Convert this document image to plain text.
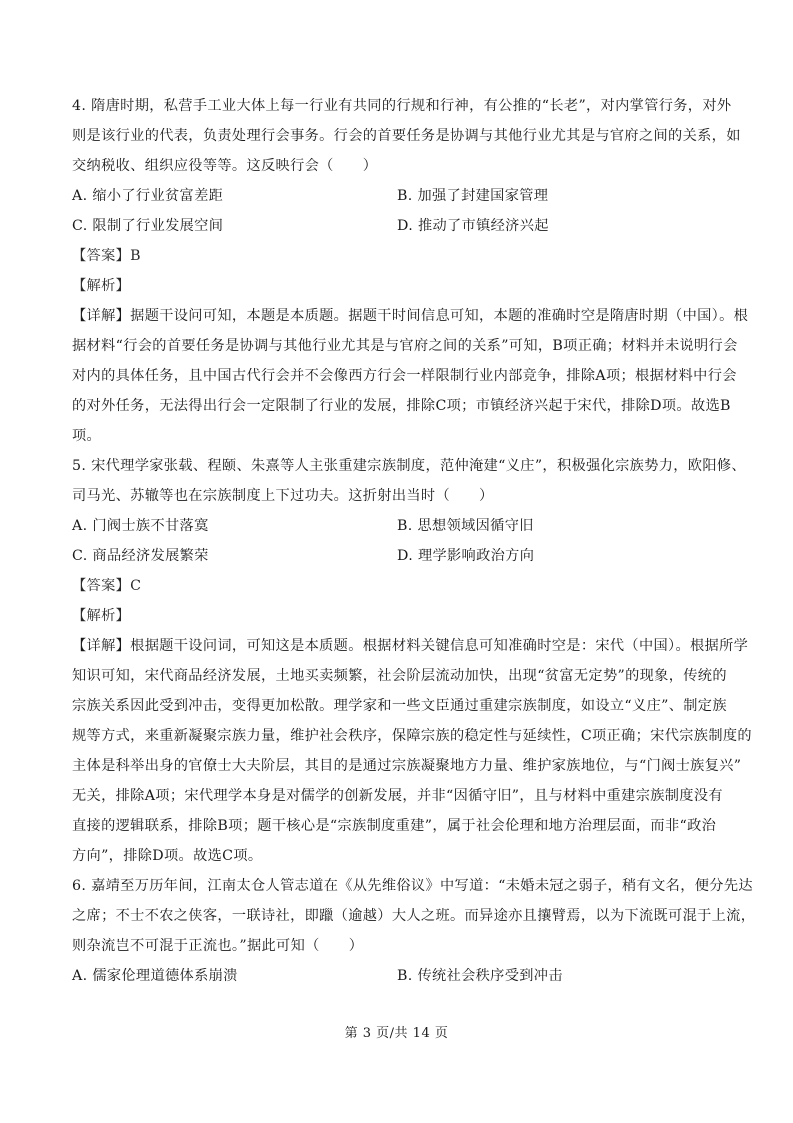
4. 隋唐时期，私营手工业大体上每一行业有共同的行规和行神，有公推的“长老”，对内掌管行务，对外
则是该行业的代表，负责处理行会事务。行会的首要任务是协调与其他行业尤其是与官府之间的关系，如
交纳税收、组织应役等等。这反映行会（　　）
A. 缩小了行业贫富差距	B. 加强了封建国家管理
C. 限制了行业发展空间	D. 推动了市镇经济兴起
【答案】B
【解析】
【详解】据题干设问可知，本题是本质题。据题干时间信息可知，本题的准确时空是隋唐时期（中国）。根
据材料“行会的首要任务是协调与其他行业尤其是与官府之间的关系”可知，B项正确；材料并未说明行会
对内的具体任务，且中国古代行会并不会像西方行会一样限制行业内部竞争，排除A项；根据材料中行会
的对外任务，无法得出行会一定限制了行业的发展，排除C项；市镇经济兴起于宋代，排除D项。故选B
项。
5. 宋代理学家张载、程颐、朱熹等人主张重建宗族制度，范仲淹建“义庄”，积极强化宗族势力，欧阳修、
司马光、苏辙等也在宗族制度上下过功夫。这折射出当时（　　）
A. 门阀士族不甘落寞	B. 思想领域因循守旧
C. 商品经济发展繁荣	D. 理学影响政治方向
【答案】C
【解析】
【详解】根据题干设问词，可知这是本质题。根据材料关键信息可知准确时空是：宋代（中国）。根据所学
知识可知，宋代商品经济发展，土地买卖频繁，社会阶层流动加快，出现“贫富无定势”的现象，传统的
宗族关系因此受到冲击，变得更加松散。理学家和一些文臣通过重建宗族制度，如设立“义庄”、制定族
规等方式，来重新凝聚宗族力量，维护社会秩序，保障宗族的稳定性与延续性，C项正确；宋代宗族制度的
主体是科举出身的官僚士大夫阶层，其目的是通过宗族凝聚地方力量、维护家族地位，与“门阀士族复兴”
无关，排除A项；宋代理学本身是对儒学的创新发展，并非“因循守旧”，且与材料中重建宗族制度没有
直接的逻辑联系，排除B项；题干核心是“宗族制度重建”，属于社会伦理和地方治理层面，而非“政治
方向”，排除D项。故选C项。
6. 嘉靖至万历年间，江南太仓人管志道在《从先维俗议》中写道：“未婚未冠之弱子，稍有文名，便分先达
之席；不士不农之侠客，一联诗社，即躐（逾越）大人之班。而异途亦且攘臂焉，以为下流既可混于上流，
则杂流岂不可混于正流也。”据此可知（　　）
A. 儒家伦理道德体系崩溃	B. 传统社会秩序受到冲击
第 3 页/共 14 页
